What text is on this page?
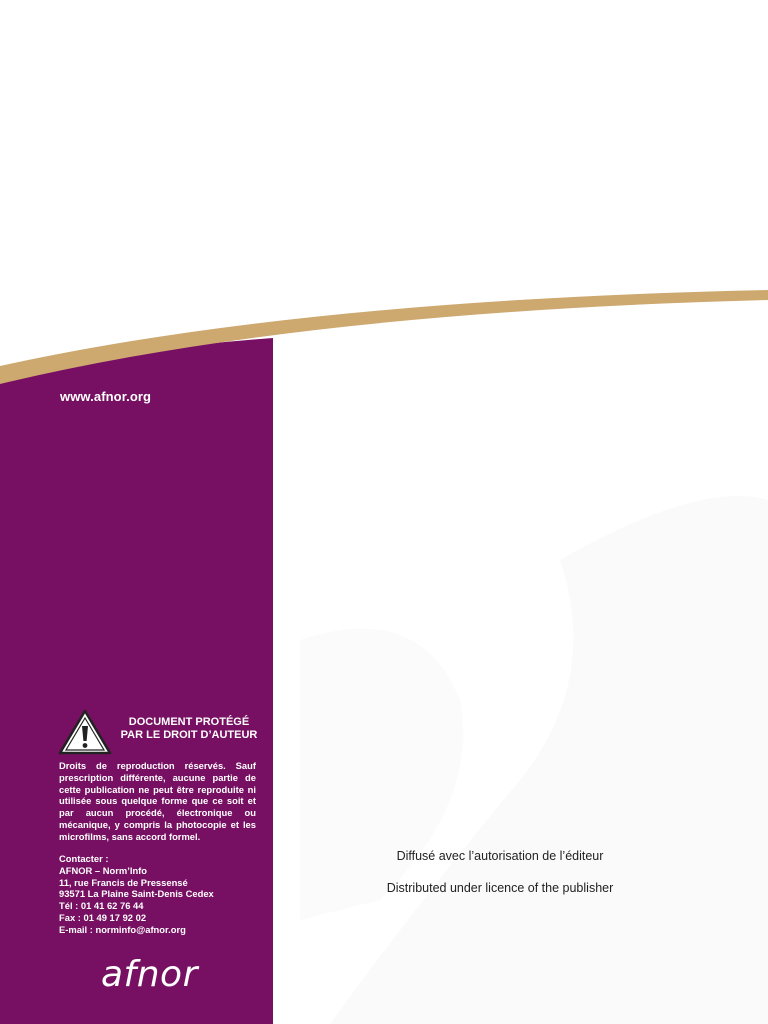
www.afnor.org
DOCUMENT PROTÉGÉ
PAR LE DROIT D’AUTEUR
Droits de reproduction réservés. Sauf prescription différente, aucune partie de cette publication ne peut être reproduite ni utilisée sous quelque forme que ce soit et par aucun procédé, électronique ou mécanique, y compris la photocopie et les microfilms, sans accord formel.
Contacter :
AFNOR – Norm’Info
11, rue Francis de Pressensé
93571 La Plaine Saint-Denis Cedex
Tél : 01 41 62 76 44
Fax : 01 49 17 92 02
E-mail : norminfo@afnor.org
afnor
Diffusé avec l’autorisation de l’éditeur
Distributed under licence of the publisher
